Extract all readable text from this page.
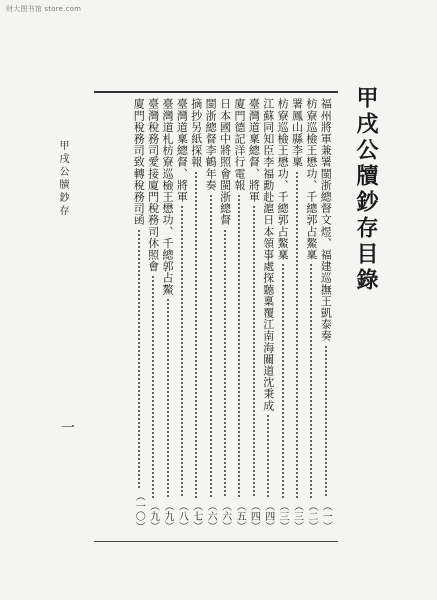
财大图书馆 store.com
甲戌公牘鈔存目錄
福州將軍兼署閩浙總督文煜、福建巡撫王凱泰奏
（一）
枋寮巡檢王懋功、千總郭占鰲稟
（二）
署鳳山縣李稟
（三）
枋寮巡檢王懋功、千總郭占鰲稟
（三）
江蘇同知臣李福勳赴滬日本領事處探聽稟覆江南海關道沈秉成
（四）
臺灣道稟總督、將軍
（四）
廈門德記洋行電報
（五）
日本國中將照會閩浙總督
（六）
閩浙總督李鶴年奏
（六）
摘抄另紙探報
（七）
臺灣道稟總督、將軍
（八）
臺灣道札枋寮巡檢王懋功、千總郭占鰲
（九）
臺灣稅務司愛接廈門稅務司休照會
（九）
廈門稅務司致轉稅務司函
（一〇）
甲戌公牘鈔存
一
